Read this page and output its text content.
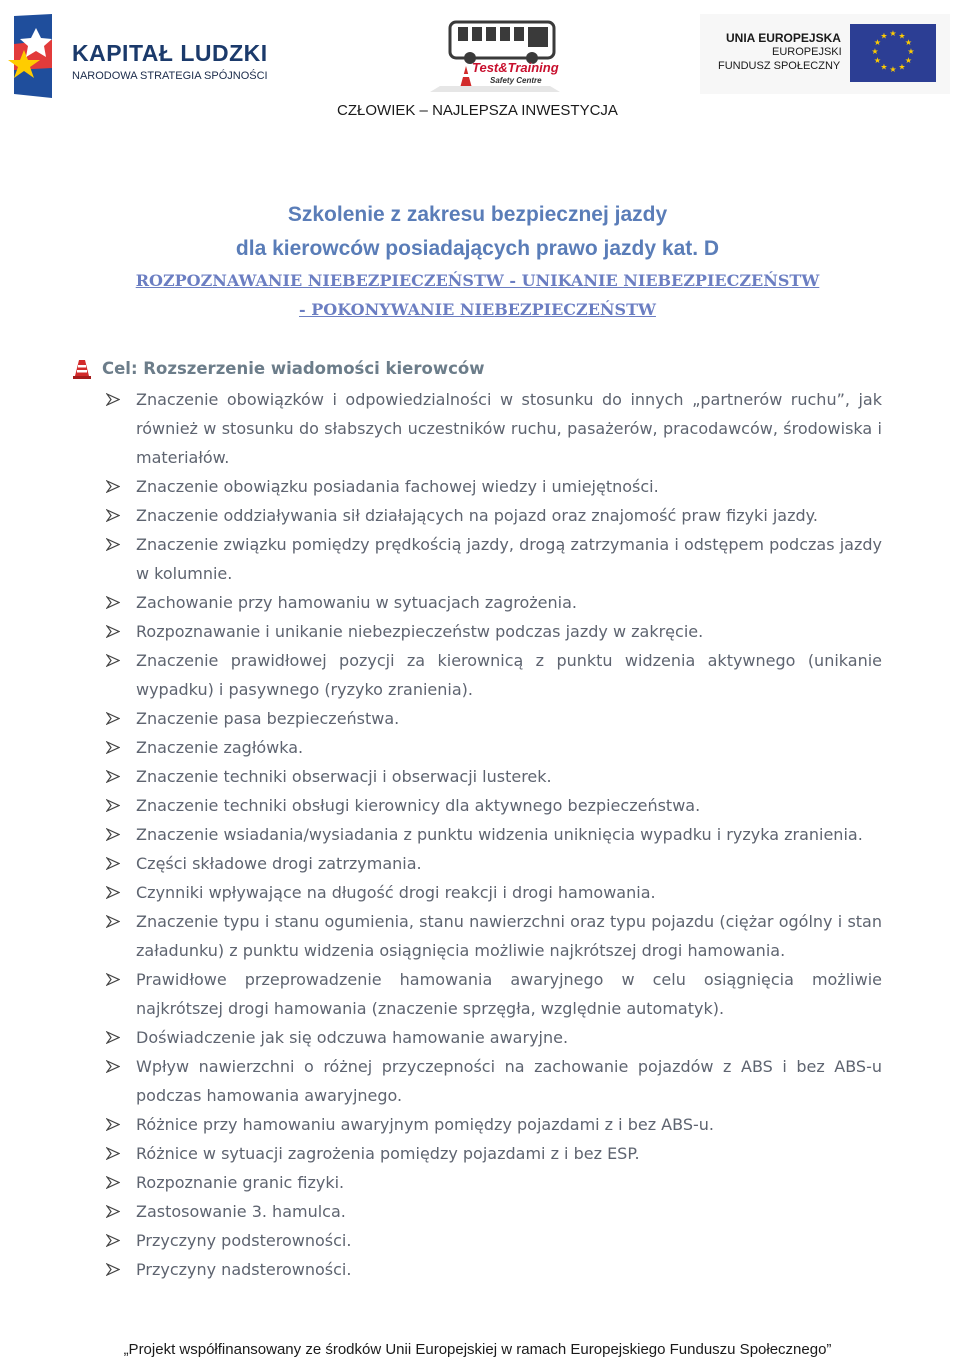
KAPITAŁ LUDZKI
NARODOWA STRATEGIA SPÓJNOŚCI
Test&Training
Safety Centre
UNIA EUROPEJSKA
EUROPEJSKI
FUNDUSZ SPOŁECZNY
★ ★
★
★
★
★
★
★
★
★
★
★
CZŁOWIEK – NAJLEPSZA INWESTYCJA
Szkolenie z zakresu bezpiecznej jazdy
dla kierowców posiadających prawo jazdy kat. D
ROZPOZNAWANIE NIEBEZPIECZEŃSTW - UNIKANIE NIEBEZPIECZEŃSTW
- POKONYWANIE NIEBEZPIECZEŃSTW
Cel: Rozszerzenie wiadomości kierowców
Znaczenie obowiązków i odpowiedzialności w stosunku do innych „partnerów ruchu”, jak również w stosunku do słabszych uczestników ruchu, pasażerów, pracodawców, środowiska i materiałów.
Znaczenie obowiązku posiadania fachowej wiedzy i umiejętności.
Znaczenie oddziaływania sił działających na pojazd oraz znajomość praw fizyki jazdy.
Znaczenie związku pomiędzy prędkością jazdy, drogą zatrzymania i odstępem podczas jazdy w kolumnie.
Zachowanie przy hamowaniu w sytuacjach zagrożenia.
Rozpoznawanie i unikanie niebezpieczeństw podczas jazdy w zakręcie.
Znaczenie prawidłowej pozycji za kierownicą z punktu widzenia aktywnego (unikanie wypadku) i pasywnego (ryzyko zranienia).
Znaczenie pasa bezpieczeństwa.
Znaczenie zagłówka.
Znaczenie techniki obserwacji i obserwacji lusterek.
Znaczenie techniki obsługi kierownicy dla aktywnego bezpieczeństwa.
Znaczenie wsiadania/wysiadania z punktu widzenia uniknięcia wypadku i ryzyka zranienia.
Części składowe drogi zatrzymania.
Czynniki wpływające na długość drogi reakcji i drogi hamowania.
Znaczenie typu i stanu ogumienia, stanu nawierzchni oraz typu pojazdu (ciężar ogólny i stan załadunku) z punktu widzenia osiągnięcia możliwie najkrótszej drogi hamowania.
Prawidłowe przeprowadzenie hamowania awaryjnego w celu osiągnięcia możliwie najkrótszej drogi hamowania (znaczenie sprzęgła, względnie automatyk).
Doświadczenie jak się odczuwa hamowanie awaryjne.
Wpływ nawierzchni o różnej przyczepności na zachowanie pojazdów z ABS i bez ABS-u podczas hamowania awaryjnego.
Różnice przy hamowaniu awaryjnym pomiędzy pojazdami z i bez ABS-u.
Różnice w sytuacji zagrożenia pomiędzy pojazdami z i bez ESP.
Rozpoznanie granic fizyki.
Zastosowanie 3. hamulca.
Przyczyny podsterowności.
Przyczyny nadsterowności.
„Projekt współfinansowany ze środków Unii Europejskiej w ramach Europejskiego Funduszu Społecznego”
